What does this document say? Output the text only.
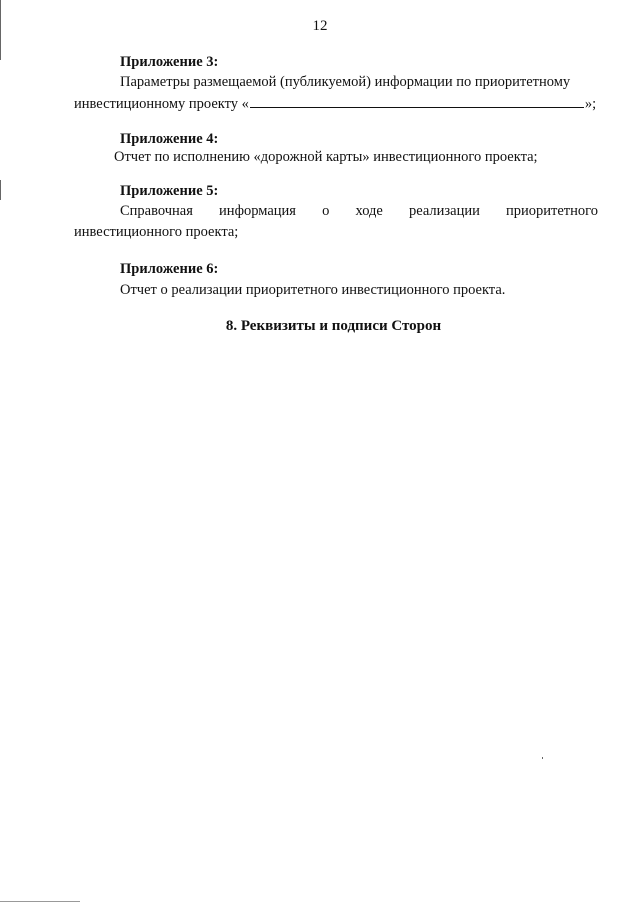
12
Приложение 3:
Параметры размещаемой (публикуемой) информации по приоритетному
инвестиционному проекту «	»;
Приложение 4:
Отчет по исполнению «дорожной карты» инвестиционного проекта;
Приложение 5:
Справочная информация о ходе реализации приоритетного
инвестиционного проекта;
Приложение 6:
Отчет о реализации приоритетного инвестиционного проекта.
8. Реквизиты и подписи Сторон
